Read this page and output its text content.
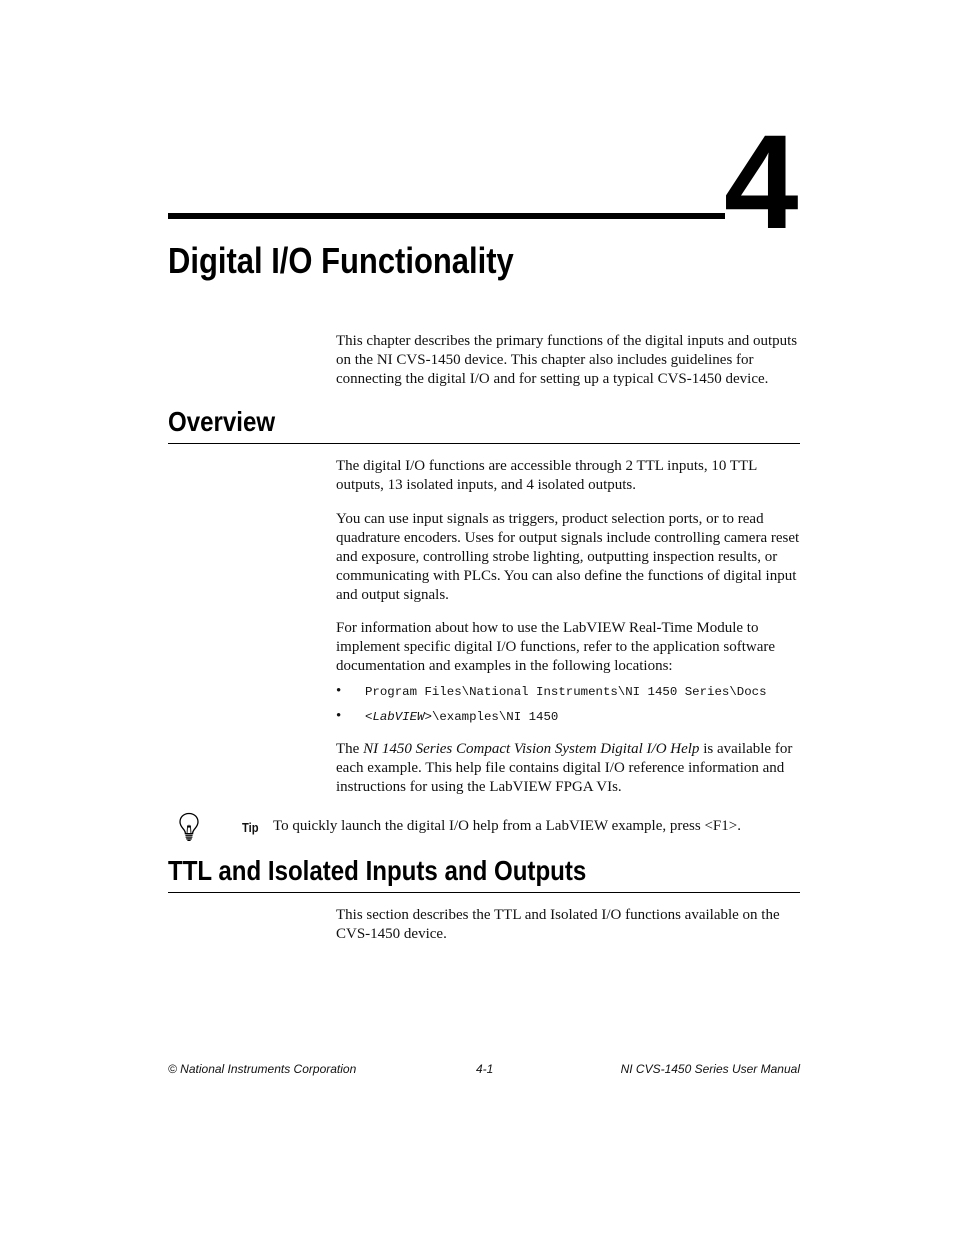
4
Digital I/O Functionality

This chapter describes the primary functions of the digital inputs and outputs on the NI CVS-1450 device. This chapter also includes guidelines for connecting the digital I/O and for setting up a typical CVS-1450 device.

Overview

The digital I/O functions are accessible through 2 TTL inputs, 10 TTL outputs, 13 isolated inputs, and 4 isolated outputs.

You can use input signals as triggers, product selection ports, or to read quadrature encoders. Uses for output signals include controlling camera reset and exposure, controlling strobe lighting, outputting inspection results, or communicating with PLCs. You can also define the functions of digital input and output signals.

For information about how to use the LabVIEW Real-Time Module to implement specific digital I/O functions, refer to the application software documentation and examples in the following locations:

• Program Files\National Instruments\NI 1450 Series\Docs
• <LabVIEW>\examples\NI 1450

The NI 1450 Series Compact Vision System Digital I/O Help is available for each example. This help file contains digital I/O reference information and instructions for using the LabVIEW FPGA VIs.

Tip To quickly launch the digital I/O help from a LabVIEW example, press <F1>.
TTL and Isolated Inputs and Outputs

This section describes the TTL and Isolated I/O functions available on the CVS-1450 device.

© National Instruments Corporation	4-1	NI CVS-1450 Series User Manual
